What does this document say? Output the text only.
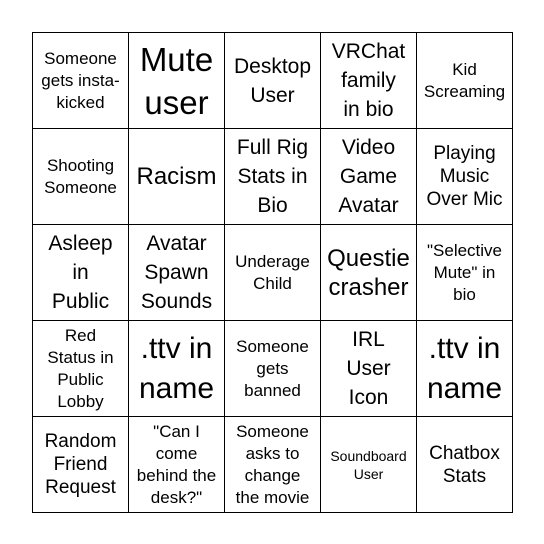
Someone
gets insta-
kicked
Mute
user
Desktop
User
VRChat
family
in bio
Kid
Screaming
Shooting
Someone Racism
Full Rig
Stats in
Bio
Video
Game
Avatar
Playing
Music
Over Mic
Asleep
in
Public
Avatar
Spawn
Sounds
Underage
Child
Questie
crasher
"Selective
Mute" in
bio
Red
Status in
Public
Lobby
.ttv in
name
Someone
gets
banned
IRL
User
Icon
.ttv in
name
Random
Friend
Request
"Can I
come
behind the
desk?"
Someone
asks to
change
the movie
Soundboard
User
Chatbox
Stats
